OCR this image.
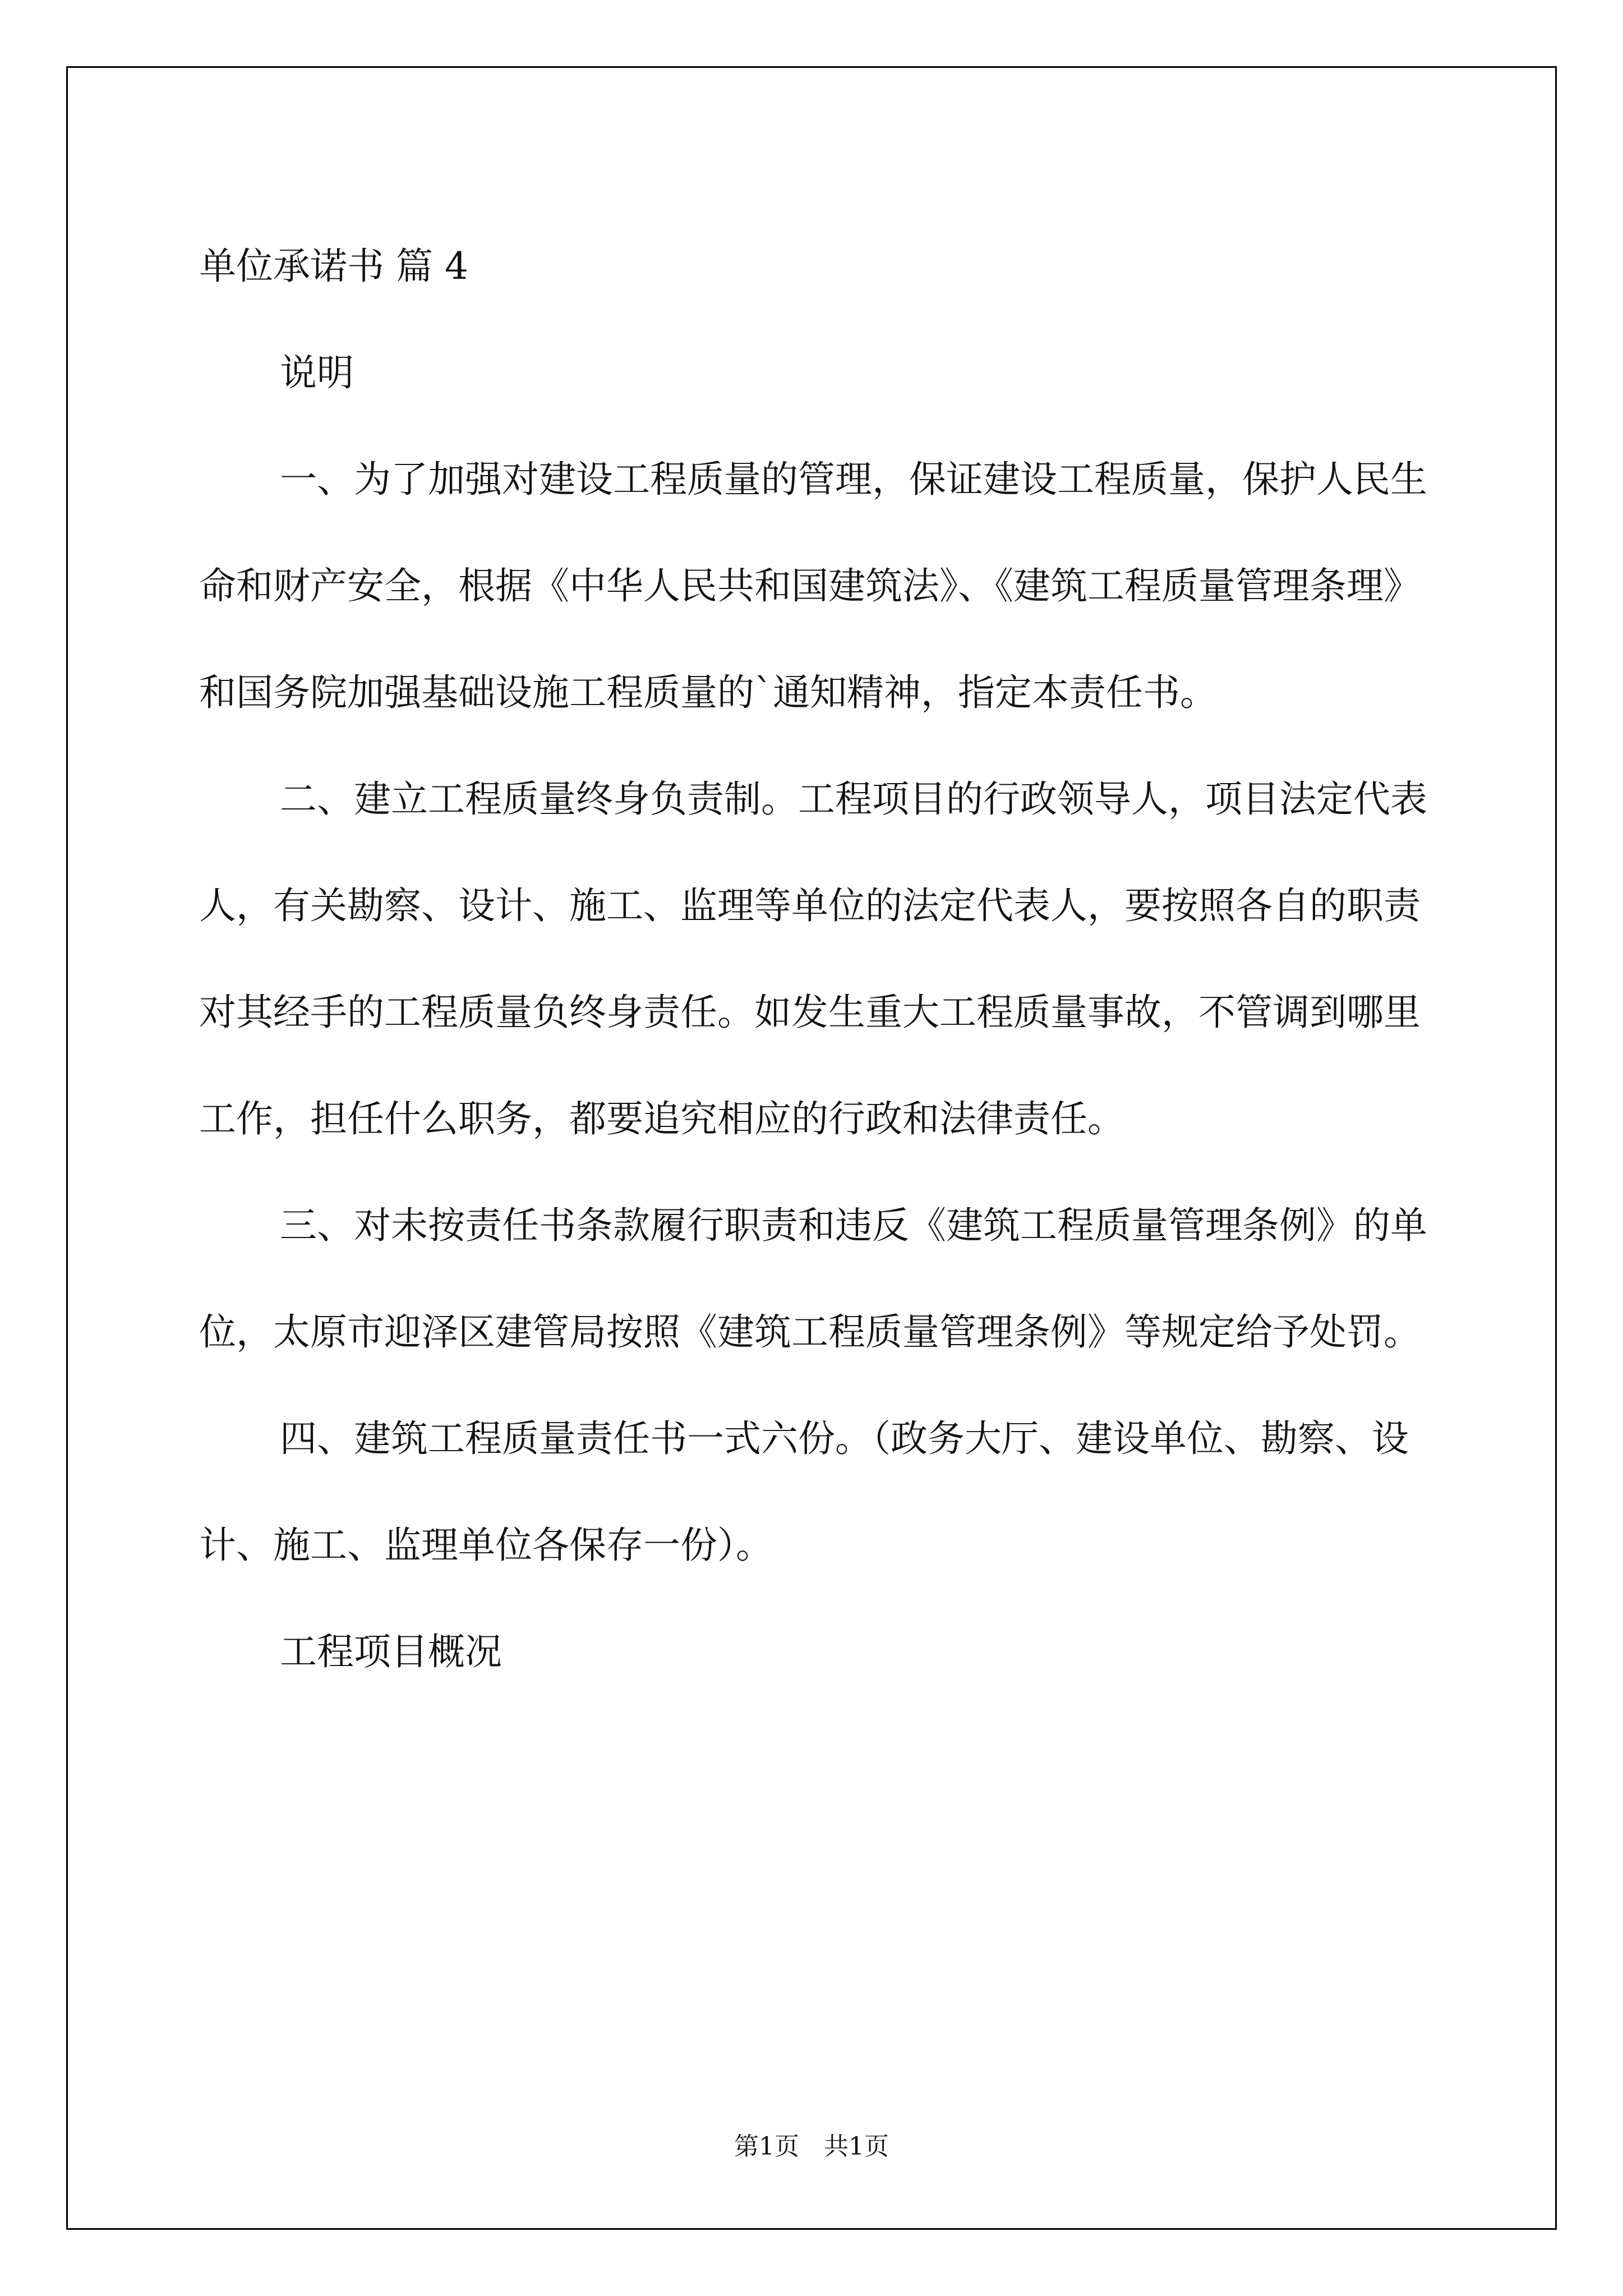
单位承诺书 篇 4

说明

一、为了加强对建设工程质量的管理，保证建设工程质量，保护人民生命和财产安全，根据《中华人民共和国建筑法》、《建筑工程质量管理条理》和国务院加强基础设施工程质量的`通知精神，指定本责任书。

二、建立工程质量终身负责制。工程项目的行政领导人，项目法定代表人，有关勘察、设计、施工、监理等单位的法定代表人，要按照各自的职责对其经手的工程质量负终身责任。如发生重大工程质量事故，不管调到哪里工作，担任什么职务，都要追究相应的行政和法律责任。

三、对未按责任书条款履行职责和违反《建筑工程质量管理条例》的单位，太原市迎泽区建管局按照《建筑工程质量管理条例》等规定给予处罚。

四、建筑工程质量责任书一式六份。（政务大厅、建设单位、勘察、设计、施工、监理单位各保存一份）。

工程项目概况

第1页　共1页
